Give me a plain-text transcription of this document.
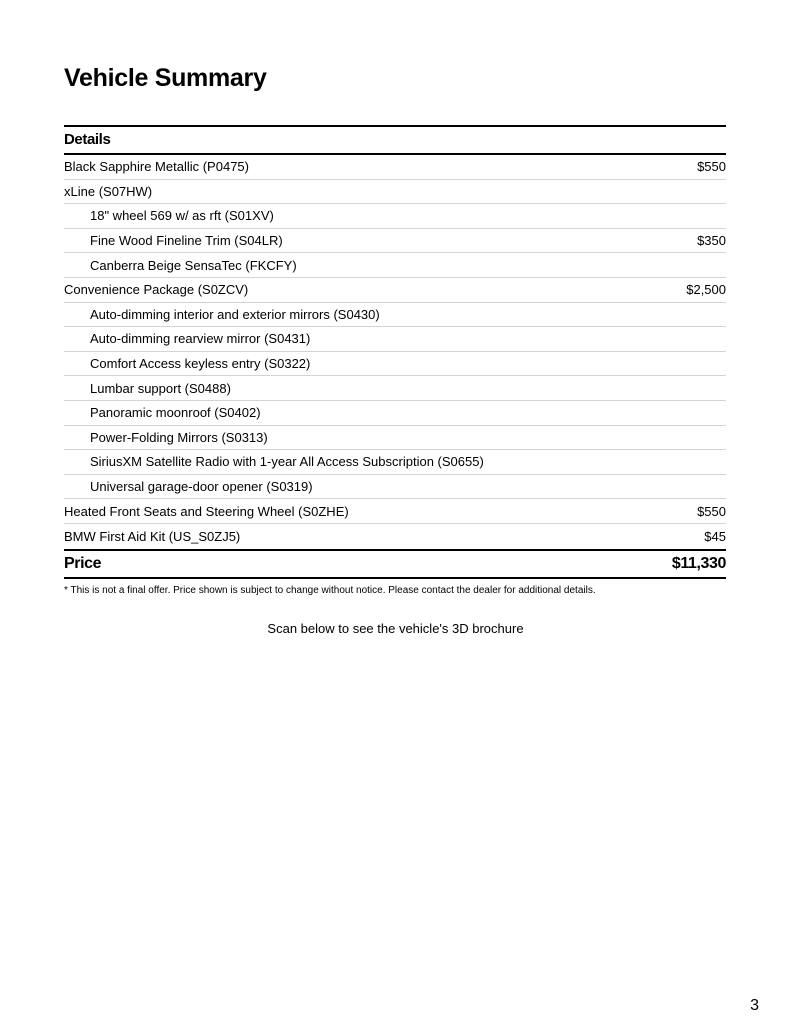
Vehicle Summary
Details
Black Sapphire Metallic (P0475)	$550
xLine (S07HW)
18" wheel 569 w/ as rft (S01XV)
Fine Wood Fineline Trim (S04LR)	$350
Canberra Beige SensaTec (FKCFY)
Convenience Package (S0ZCV)	$2,500
Auto-dimming interior and exterior mirrors (S0430)
Auto-dimming rearview mirror (S0431)
Comfort Access keyless entry (S0322)
Lumbar support (S0488)
Panoramic moonroof (S0402)
Power-Folding Mirrors (S0313)
SiriusXM Satellite Radio with 1-year All Access Subscription (S0655)
Universal garage-door opener (S0319)
Heated Front Seats and Steering Wheel (S0ZHE)	$550
BMW First Aid Kit (US_S0ZJ5)	$45
Price	$11,330
* This is not a final offer. Price shown is subject to change without notice. Please contact the dealer for additional details.
Scan below to see the vehicle's 3D brochure
3
